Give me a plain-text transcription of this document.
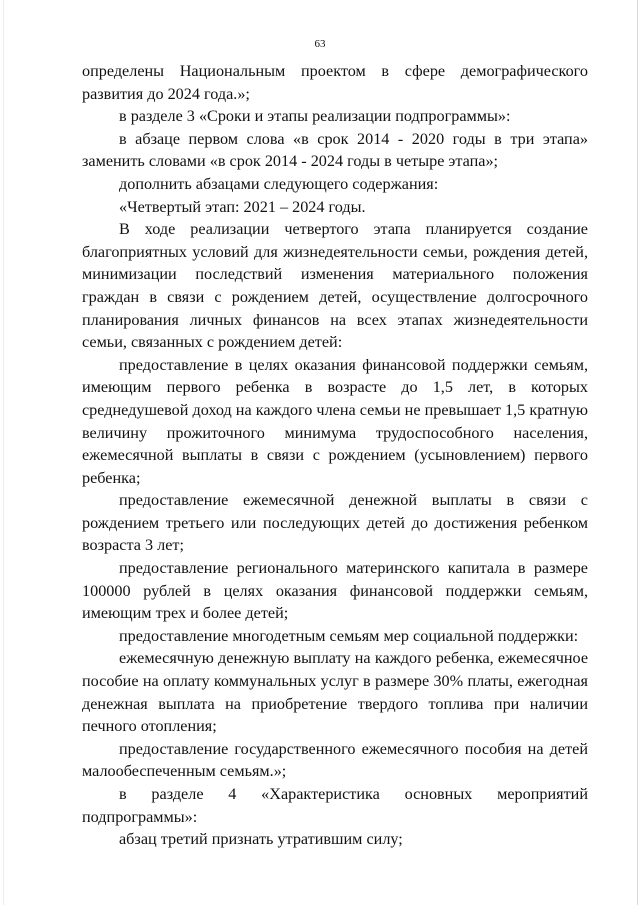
63

определены Национальным проектом в сфере демографического развития до 2024 года.»;

в разделе 3 «Сроки и этапы реализации подпрограммы»:

в абзаце первом слова «в срок 2014 - 2020 годы в три этапа» заменить словами «в срок 2014 - 2024 годы в четыре этапа»;

дополнить абзацами следующего содержания:

«Четвертый этап: 2021 – 2024 годы.

В ходе реализации четвертого этапа планируется создание благоприятных условий для жизнедеятельности семьи, рождения детей, минимизации последствий изменения материального положения граждан в связи с рождением детей, осуществление долгосрочного планирования личных финансов на всех этапах жизнедеятельности семьи, связанных с рождением детей:

предоставление в целях оказания финансовой поддержки семьям, имеющим первого ребенка в возрасте до 1,5 лет, в которых среднедушевой доход на каждого члена семьи не превышает 1,5 кратную величину прожиточного минимума трудоспособного населения, ежемесячной выплаты в связи с рождением (усыновлением) первого ребенка;

предоставление ежемесячной денежной выплаты в связи с рождением третьего или последующих детей до достижения ребенком возраста 3 лет;

предоставление регионального материнского капитала в размере 100000 рублей в целях оказания финансовой поддержки семьям, имеющим трех и более детей;

предоставление многодетным семьям мер социальной поддержки:

ежемесячную денежную выплату на каждого ребенка, ежемесячное пособие на оплату коммунальных услуг в размере 30% платы, ежегодная денежная выплата на приобретение твердого топлива при наличии печного отопления;

предоставление государственного ежемесячного пособия на детей малообеспеченным семьям.»;

в разделе 4 «Характеристика основных мероприятий подпрограммы»:

абзац третий признать утратившим силу;
